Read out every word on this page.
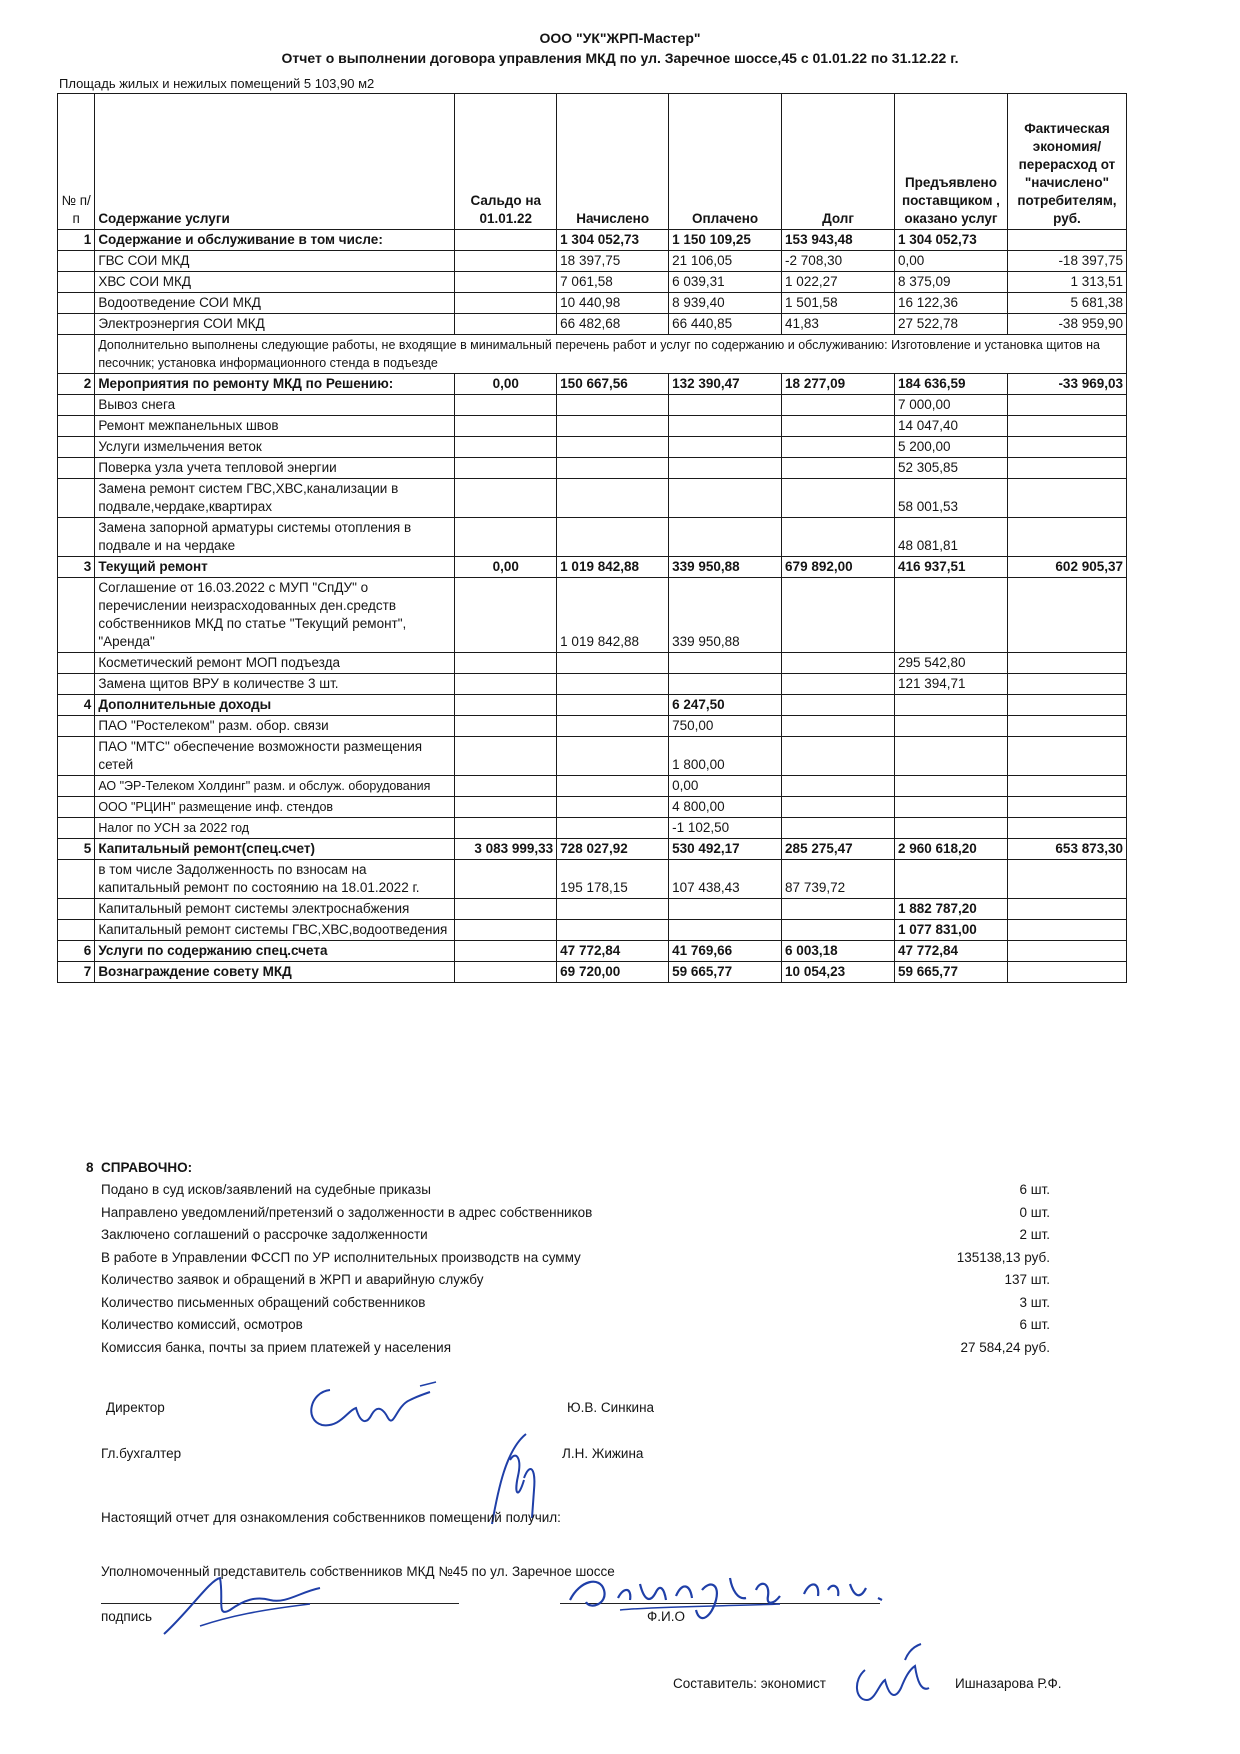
ООО "УК"ЖРП-Мастер"
Отчет о выполнении договора управления МКД по ул. Заречное шоссе,45 с 01.01.22 по 31.12.22 г.
Площадь жилых и нежилых помещений 5 103,90 м2
№ п/п	Содержание услуги	Сальдо на 01.01.22	Начислено	Оплачено	Долг	Предъявлено поставщиком , оказано услуг	Фактическая экономия/перерасход от "начислено" потребителям, руб.
1	Содержание и обслуживание в том числе:		1 304 052,73	1 150 109,25	153 943,48	1 304 052,73	
	ГВС СОИ МКД		18 397,75	21 106,05	-2 708,30	0,00	-18 397,75
	ХВС СОИ МКД		7 061,58	6 039,31	1 022,27	8 375,09	1 313,51
	Водоотведение СОИ МКД		10 440,98	8 939,40	1 501,58	16 122,36	5 681,38
	Электроэнергия СОИ МКД		66 482,68	66 440,85	41,83	27 522,78	-38 959,90
	Дополнительно выполнены следующие работы, не входящие в минимальный перечень работ и услуг по содержанию и обслуживанию: Изготовление и установка щитов на песочник; установка информационного стенда в подъезде						
2	Мероприятия по ремонту МКД по Решению:	0,00	150 667,56	132 390,47	18 277,09	184 636,59	-33 969,03
	Вывоз снега					7 000,00	
	Ремонт межпанельных швов					14 047,40	
	Услуги измельчения веток					5 200,00	
	Поверка узла учета тепловой энергии					52 305,85	
	Замена ремонт систем ГВС,ХВС,канализации в подвале,чердаке,квартирах					58 001,53	
	Замена запорной арматуры системы отопления в подвале и на чердаке					48 081,81	
3	Текущий ремонт	0,00	1 019 842,88	339 950,88	679 892,00	416 937,51	602 905,37
	Соглашение от 16.03.2022 с МУП "СпДУ" о перечислении неизрасходованных ден.средств собственников МКД по статье "Текущий ремонт", "Аренда"		1 019 842,88	339 950,88			
	Косметический ремонт МОП подъезда					295 542,80	
	Замена щитов ВРУ в количестве 3 шт.					121 394,71	
4	Дополнительные доходы			6 247,50			
	ПАО "Ростелеком" разм. обор. связи			750,00			
	ПАО "МТС" обеспечение возможности размещения сетей			1 800,00			
	АО "ЭР-Телеком Холдинг" разм. и обслуж. оборудования			0,00			
	ООО "РЦИН" размещение инф. стендов			4 800,00			
	Налог по УСН за 2022 год			-1 102,50			
5	Капитальный ремонт(спец.счет)	3 083 999,33	728 027,92	530 492,17	285 275,47	2 960 618,20	653 873,30
	в том числе Задолженность по взносам на капитальный ремонт по состоянию на 18.01.2022 г.		195 178,15	107 438,43	87 739,72		
	Капитальный ремонт системы электроснабжения					1 882 787,20	
	Капитальный ремонт системы ГВС,ХВС,водоотведения					1 077 831,00	
6	Услуги по содержанию спец.счета		47 772,84	41 769,66	6 003,18	47 772,84	
7	Вознаграждение совету МКД		69 720,00	59 665,77	10 054,23	59 665,77	
8 СПРАВОЧНО:
Подано в суд исков/заявлений на судебные приказы	6 шт.
Направлено уведомлений/претензий о задолженности в адрес собственников	0 шт.
Заключено соглашений о рассрочке задолженности	2 шт.
В работе в Управлении ФССП по УР исполнительных производств на сумму	135138,13 руб.
Количество заявок и обращений в ЖРП и аварийную службу	137 шт.
Количество письменных обращений собственников	3 шт.
Количество комиссий, осмотров	6 шт.
Комиссия банка, почты за прием платежей у населения	27 584,24 руб.
Директор	Ю.В. Синкина
Гл.бухгалтер	Л.Н. Жижина
Настоящий отчет для ознакомления собственников помещений получил:
Уполномоченный представитель собственников МКД №45 по ул. Заречное шоссе
подпись	Ф.И.О
Составитель: экономист	Ишназарова Р.Ф.
